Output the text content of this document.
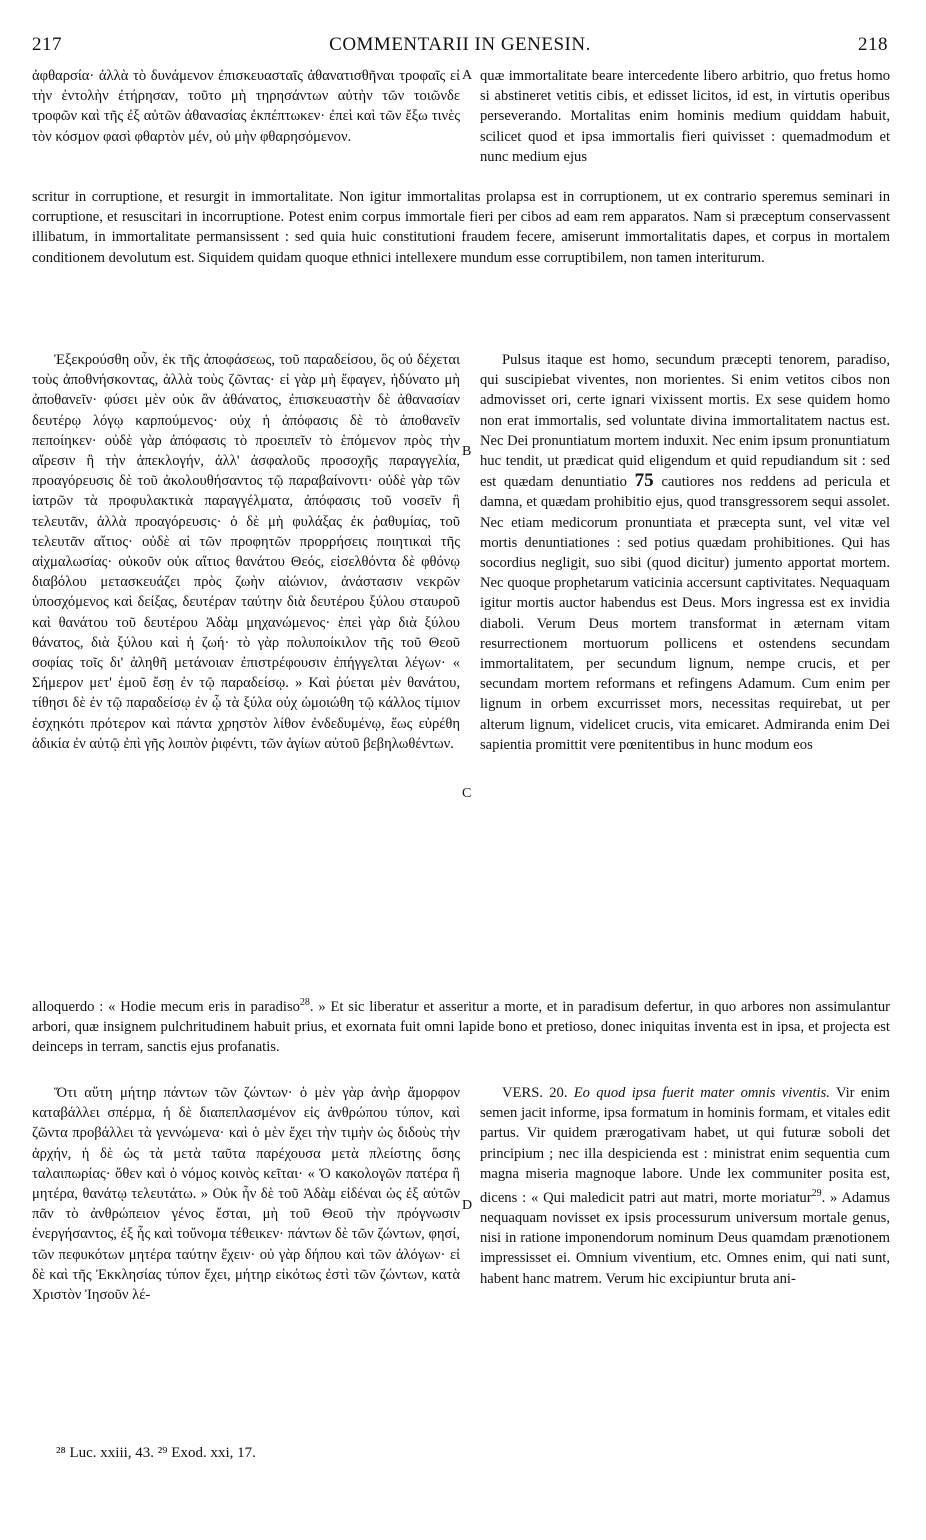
217	COMMENTARII IN GENESIN.	218

ἀφθαρσία· ἀλλὰ τὸ δυνάμενον ἐπισκευασταῖς ἀθανατισθῆναι τροφαῖς εἰ τὴν ἐντολὴν ἐτήρησαν, τοῦτο μὴ τηρησάντων αὐτὴν τῶν τοιῶνδε τροφῶν καὶ τῆς ἐξ αὐτῶν ἀθανασίας ἐκπέπτωκεν· ἐπεὶ καὶ τῶν ἔξω τινὲς τὸν κόσμον φασὶ φθαρτὸν μέν, οὐ μὴν φθαρησόμενον.

A quæ immortalitate beare intercedente libero arbitrio, quo fretus homo si abstineret vetitis cibis, et edisset licitos, id est, in virtutis operibus perseverando. Mortalitas enim hominis medium quiddam habuit, scilicet quod et ipsa immortalis fieri quivisset : quemadmodum et nunc medium ejus

scritur in corruptione, et resurgit in immortalitate. Non igitur immortalitas prolapsa est in corruptionem, ut ex contrario speremus seminari in corruptione, et resuscitari in incorruptione. Potest enim corpus immortale fieri per cibos ad eam rem apparatos. Nam si præceptum conservassent illibatum, in immortalitate permansissent : sed quia huic constitutioni fraudem fecere, amiserunt immortalitatis dapes, et corpus in mortalem conditionem devolutum est. Siquidem quidam quoque ethnici intellexere mundum esse corruptibilem, non tamen interiturum.

Ἐξεκρούσθη οὖν, ἐκ τῆς ἀποφάσεως, τοῦ παραδείσου, ὃς οὐ δέχεται τοὺς ἀποθνήσκοντας, ἀλλὰ τοὺς ζῶντας· εἰ γὰρ μὴ ἔφαγεν, ἠδύνατο μὴ ἀποθανεῖν· φύσει μὲν οὐκ ἂν ἀθάνατος, ἐπισκευαστὴν δὲ ἀθανασίαν δευτέρῳ λόγῳ καρπούμενος· οὐχ ἡ ἀπόφασις δὲ τὸ ἀποθανεῖν πεποίηκεν· οὐδὲ γὰρ ἀπόφασις τὸ προειπεῖν τὸ ἑπόμενον πρὸς τὴν αἵρεσιν ἢ τὴν ἀπεκλογήν, ἀλλ' ἀσφαλοῦς προσοχῆς παραγγελία, προαγόρευσις δὲ τοῦ ἀκολουθήσαντος τῷ παραβαίνοντι· οὐδὲ γὰρ τῶν ἰατρῶν τὰ προφυλακτικὰ παραγγέλματα, ἀπόφασις τοῦ νοσεῖν ἢ τελευτᾶν, ἀλλὰ προαγόρευσις· ὁ δὲ μὴ φυλάξας ἐκ ῥαθυμίας, τοῦ τελευτᾶν αἴτιος· οὐδὲ αἱ τῶν προφητῶν προρρήσεις ποιητικαὶ τῆς αἰχμαλωσίας· οὐκοῦν οὐκ αἴτιος θανάτου Θεός, εἰσελθόντα δὲ φθόνῳ διαβόλου μετασκευάζει πρὸς ζωὴν αἰώνιον, ἀνάστασιν νεκρῶν ὑποσχόμενος καὶ δείξας, δευτέραν ταύτην διὰ δευτέρου ξύλου σταυροῦ καὶ θανάτου τοῦ δευτέρου Ἀδὰμ μηχανώμενος· ἐπεὶ γὰρ διὰ ξύλου θάνατος, διὰ ξύλου καὶ ἡ ζωή· τὸ γὰρ πολυποίκιλον τῆς τοῦ Θεοῦ σοφίας τοῖς δι' ἀληθῆ μετάνοιαν ἐπιστρέφουσιν ἐπήγγελται λέγων· « Σήμερον μετ' ἐμοῦ ἔσῃ ἐν τῷ παραδείσῳ. » Καὶ ῥύεται μὲν θανάτου, τίθησι δὲ ἐν τῷ παραδείσῳ ἐν ᾧ τὰ ξύλα οὐχ ὡμοιώθη τῷ κάλλος τίμιον ἐσχηκότι πρότερον καὶ πάντα χρηστὸν λίθον ἐνδεδυμένῳ, ἕως εὑρέθη ἀδικία ἐν αὐτῷ ἐπὶ γῆς λοιπὸν ῥιφέντι, τῶν ἁγίων αὐτοῦ βεβηλωθέντων.

B
C

Pulsus itaque est homo, secundum præcepti tenorem, paradiso, qui suscipiebat viventes, non morientes. Si enim vetitos cibos non admovisset ori, certe ignari vixissent mortis. Ex sese quidem homo non erat immortalis, sed voluntate divina immortalitatem nactus est. Nec Dei pronuntiatum mortem induxit. Nec enim ipsum pronuntiatum huc tendit, ut prædicat quid eligendum et quid repudiandum sit : sed est quædam denuntiatio 75 cautiores nos reddens ad pericula et damna, et quædam prohibitio ejus, quod transgressorem sequi assolet. Nec etiam medicorum pronuntiata et præcepta sunt, vel vitæ vel mortis denuntiationes : sed potius quædam prohibitiones. Qui has socordius negligit, suo sibi (quod dicitur) jumento apportat mortem. Nec quoque prophetarum vaticinia accersunt captivitates. Nequaquam igitur mortis auctor habendus est Deus. Mors ingressa est ex invidia diaboli. Verum Deus mortem transformat in æternam vitam resurrectionem mortuorum pollicens et ostendens secundam immortalitatem, per secundum lignum, nempe crucis, et per secundam mortem reformans et refingens Adamum. Cum enim per lignum in orbem excurrisset mors, necessitas requirebat, ut per alterum lignum, videlicet crucis, vita emicaret. Admiranda enim Dei sapientia promittit vere pœnitentibus in hunc modum eos

alloquerdo : « Hodie mecum eris in paradiso$^{28}$. » Et sic liberatur et asseritur a morte, et in paradisum defertur, in quo arbores non assimulantur arbori, quæ insignem pulchritudinem habuit prius, et exornata fuit omni lapide bono et pretioso, donec iniquitas inventa est in ipsa, et projecta est deinceps in terram, sanctis ejus profanatis.

Ὅτι αὕτη μήτηρ πάντων τῶν ζώντων· ὁ μὲν γὰρ ἀνὴρ ἄμορφον καταβάλλει σπέρμα, ἡ δὲ διαπεπλασμένον εἰς ἀνθρώπου τύπον, καὶ ζῶντα προβάλλει τὰ γεννώμενα· καὶ ὁ μὲν ἔχει τὴν τιμὴν ὡς διδοὺς τὴν ἀρχήν, ἡ δὲ ὡς τὰ μετὰ ταῦτα παρέχουσα μετὰ πλείστης ὅσης ταλαιπωρίας· ὅθεν καὶ ὁ νόμος κοινὸς κεῖται· « Ὁ κακολογῶν πατέρα ἢ μητέρα, θανάτῳ τελευτάτω. » Οὐκ ἦν δὲ τοῦ Ἀδὰμ εἰδέναι ὡς ἐξ αὐτῶν πᾶν τὸ ἀνθρώπειον γένος ἔσται, μὴ τοῦ Θεοῦ τὴν πρόγνωσιν ἐνεργήσαντος, ἐξ ἧς καὶ τοὔνομα τέθεικεν· πάντων δὲ τῶν ζώντων, φησί, τῶν πεφυκότων μητέρα ταύτην ἔχειν· οὐ γὰρ δήπου καὶ τῶν ἀλόγων· εἰ δὲ καὶ τῆς Ἐκκλησίας τύπον ἔχει, μήτηρ εἰκότως ἐστὶ τῶν ζώντων, κατὰ Χριστὸν Ἰησοῦν λέ-

D

VERS. 20. Eo quod ipsa fuerit mater omnis viventis. Vir enim semen jacit informe, ipsa formatum in hominis formam, et vitales edit partus. Vir quidem prærogativam habet, ut qui futuræ soboli det principium ; nec illa despicienda est : ministrat enim sequentia cum magna miseria magnoque labore. Unde lex communiter posita est, dicens : « Qui maledicit patri aut matri, morte moriatur$^{29}$. » Adamus nequaquam novisset ex ipsis processurum universum mortale genus, nisi in ratione imponendorum nominum Deus quamdam prænotionem impressisset ei. Omnium viventium, etc. Omnes enim, qui nati sunt, habent hanc matrem. Verum hic excipiuntur bruta ani-

²⁸ Luc. xxiii, 43. ²⁹ Exod. xxi, 17.
